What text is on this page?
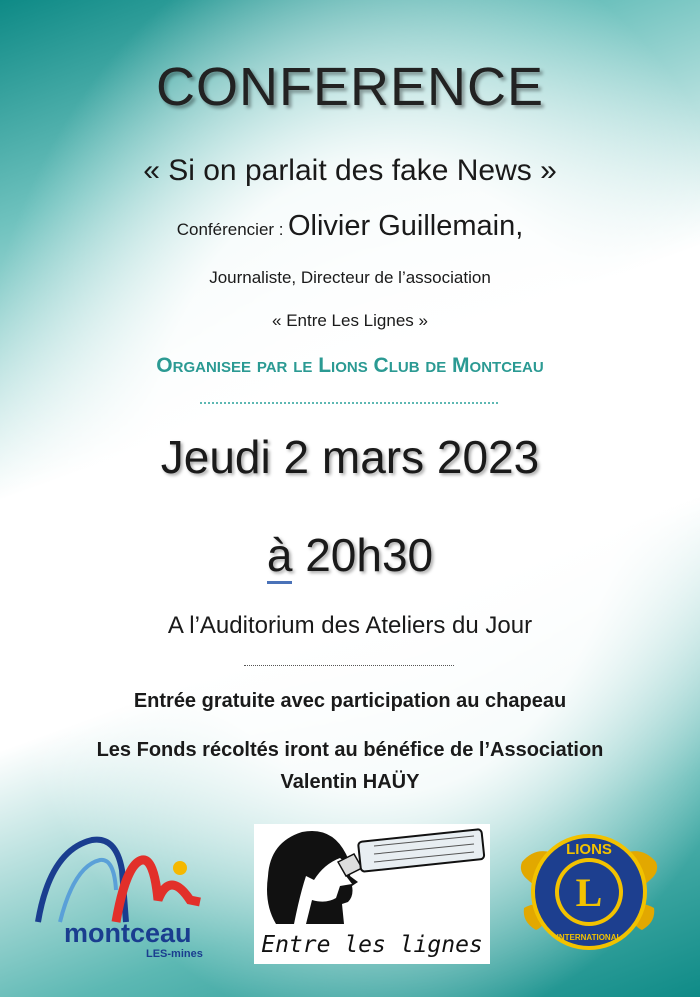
CONFERENCE
« Si on parlait des fake News »
Conférencier : Olivier Guillemain,
Journaliste, Directeur de l’association
« Entre Les Lignes »
Organisee par le Lions Club de Montceau
Jeudi 2 mars 2023
à 20h30
A l’Auditorium des Ateliers du Jour
Entrée gratuite avec participation au chapeau
Les Fonds récoltés iront au bénéfice de l’Association
Valentin HAÜY
montceau
LES-mines	Entre les lignes
L
LIONS
INTERNATIONAL
